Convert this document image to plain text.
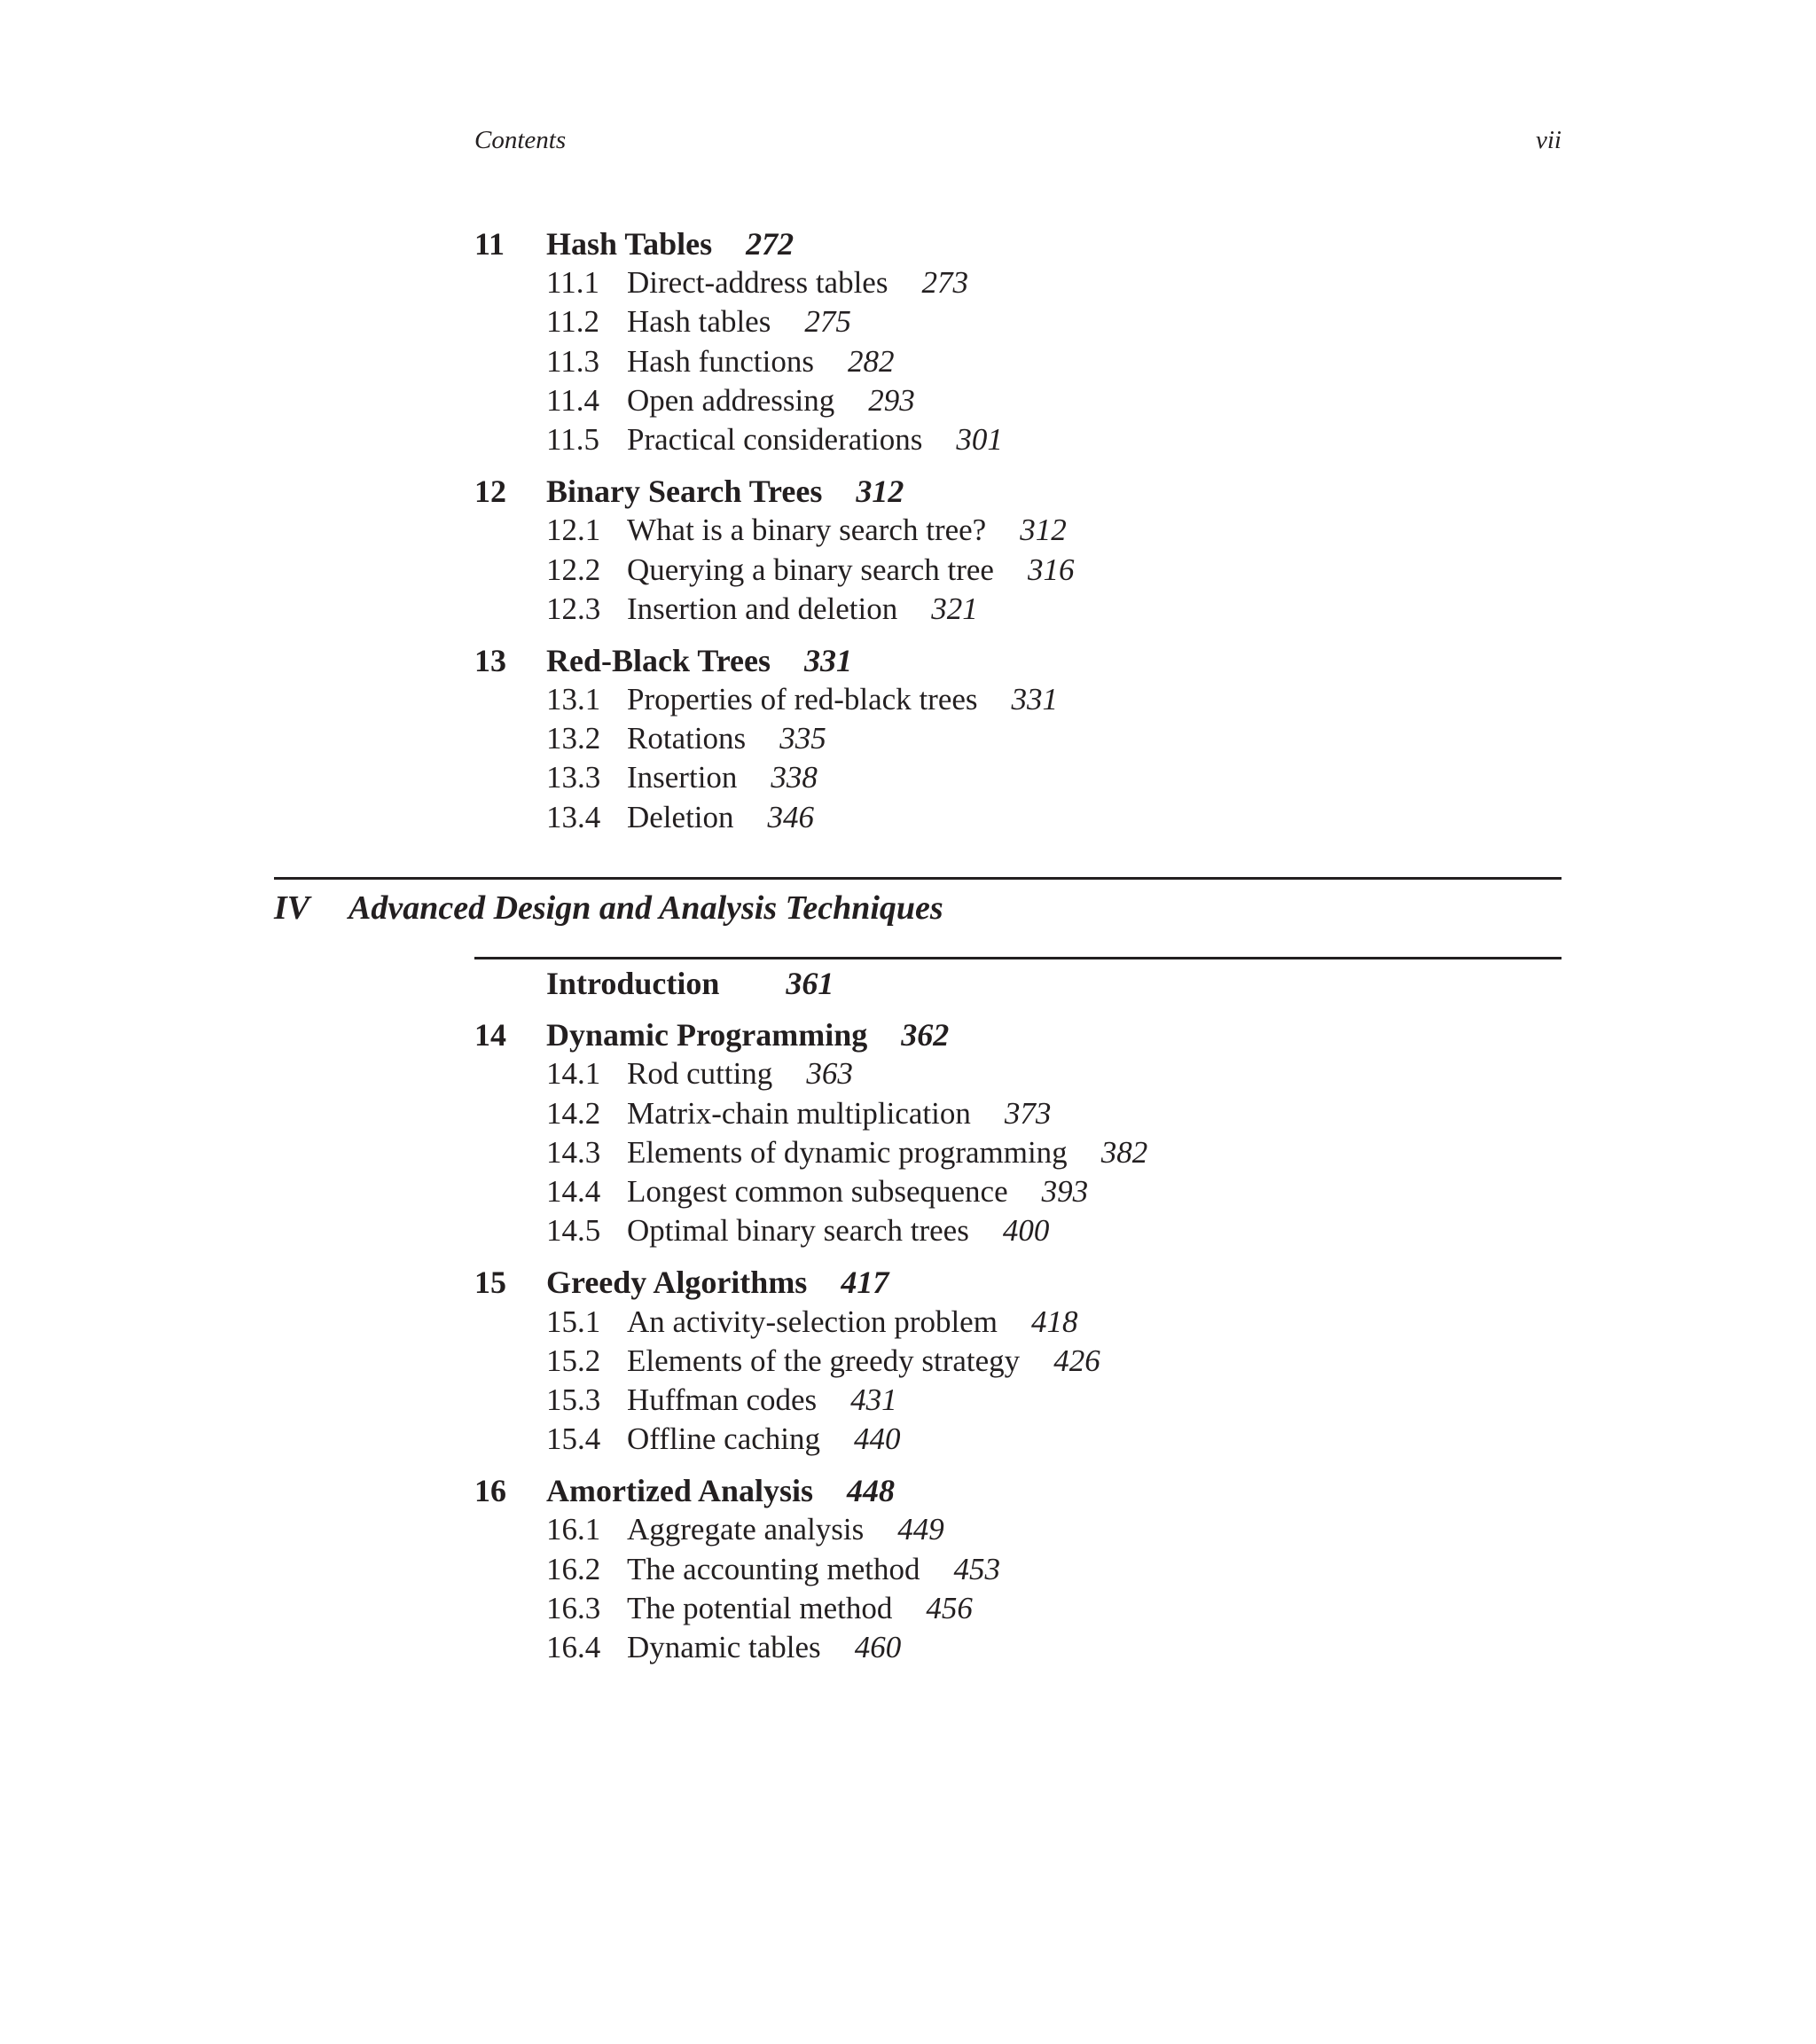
Contents	vii
11 Hash Tables 272
11.1 Direct-address tables 273
11.2 Hash tables 275
11.3 Hash functions 282
11.4 Open addressing 293
11.5 Practical considerations 301
12 Binary Search Trees 312
12.1 What is a binary search tree? 312
12.2 Querying a binary search tree 316
12.3 Insertion and deletion 321
13 Red-Black Trees 331
13.1 Properties of red-black trees 331
13.2 Rotations 335
13.3 Insertion 338
13.4 Deletion 346
IV Advanced Design and Analysis Techniques
Introduction 361
14 Dynamic Programming 362
14.1 Rod cutting 363
14.2 Matrix-chain multiplication 373
14.3 Elements of dynamic programming 382
14.4 Longest common subsequence 393
14.5 Optimal binary search trees 400
15 Greedy Algorithms 417
15.1 An activity-selection problem 418
15.2 Elements of the greedy strategy 426
15.3 Huffman codes 431
15.4 Offline caching 440
16 Amortized Analysis 448
16.1 Aggregate analysis 449
16.2 The accounting method 453
16.3 The potential method 456
16.4 Dynamic tables 460
